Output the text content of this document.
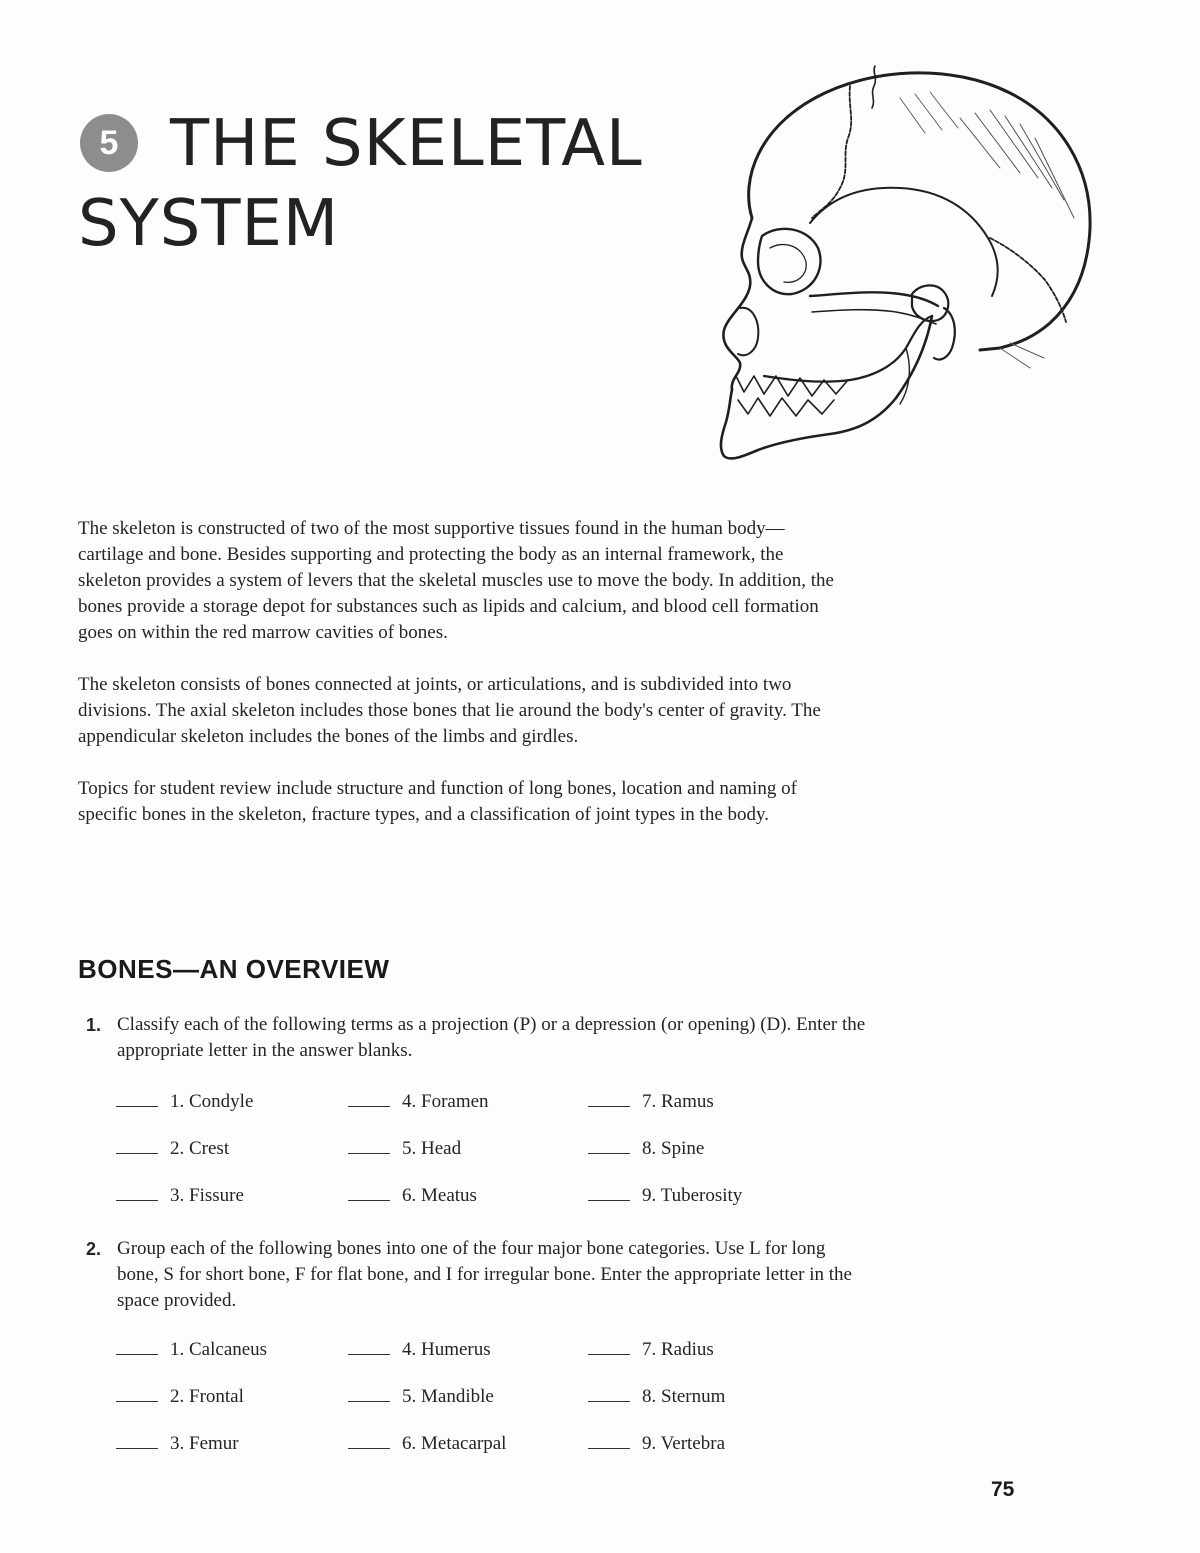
5 THE SKELETAL
SYSTEM

The skeleton is constructed of two of the most supportive tissues found in the human body—cartilage and bone. Besides supporting and protecting the body as an internal framework, the skeleton provides a system of levers that the skeletal muscles use to move the body. In addition, the bones provide a storage depot for substances such as lipids and calcium, and blood cell formation goes on within the red marrow cavities of bones.

The skeleton consists of bones connected at joints, or articulations, and is subdivided into two divisions. The axial skeleton includes those bones that lie around the body's center of gravity. The appendicular skeleton includes the bones of the limbs and girdles.

Topics for student review include structure and function of long bones, location and naming of specific bones in the skeleton, fracture types, and a classification of joint types in the body.

BONES—AN OVERVIEW
1. Classify each of the following terms as a projection (P) or a depression (or opening) (D). Enter the appropriate letter in the answer blanks.
1. Condyle	4. Foramen	7. Ramus
2. Crest	5. Head	8. Spine
3. Fissure	6. Meatus	9. Tuberosity
2. Group each of the following bones into one of the four major bone categories. Use L for long bone, S for short bone, F for flat bone, and I for irregular bone. Enter the appropriate letter in the space provided.
1. Calcaneus	4. Humerus	7. Radius
2. Frontal	5. Mandible	8. Sternum
3. Femur	6. Metacarpal	9. Vertebra
75
